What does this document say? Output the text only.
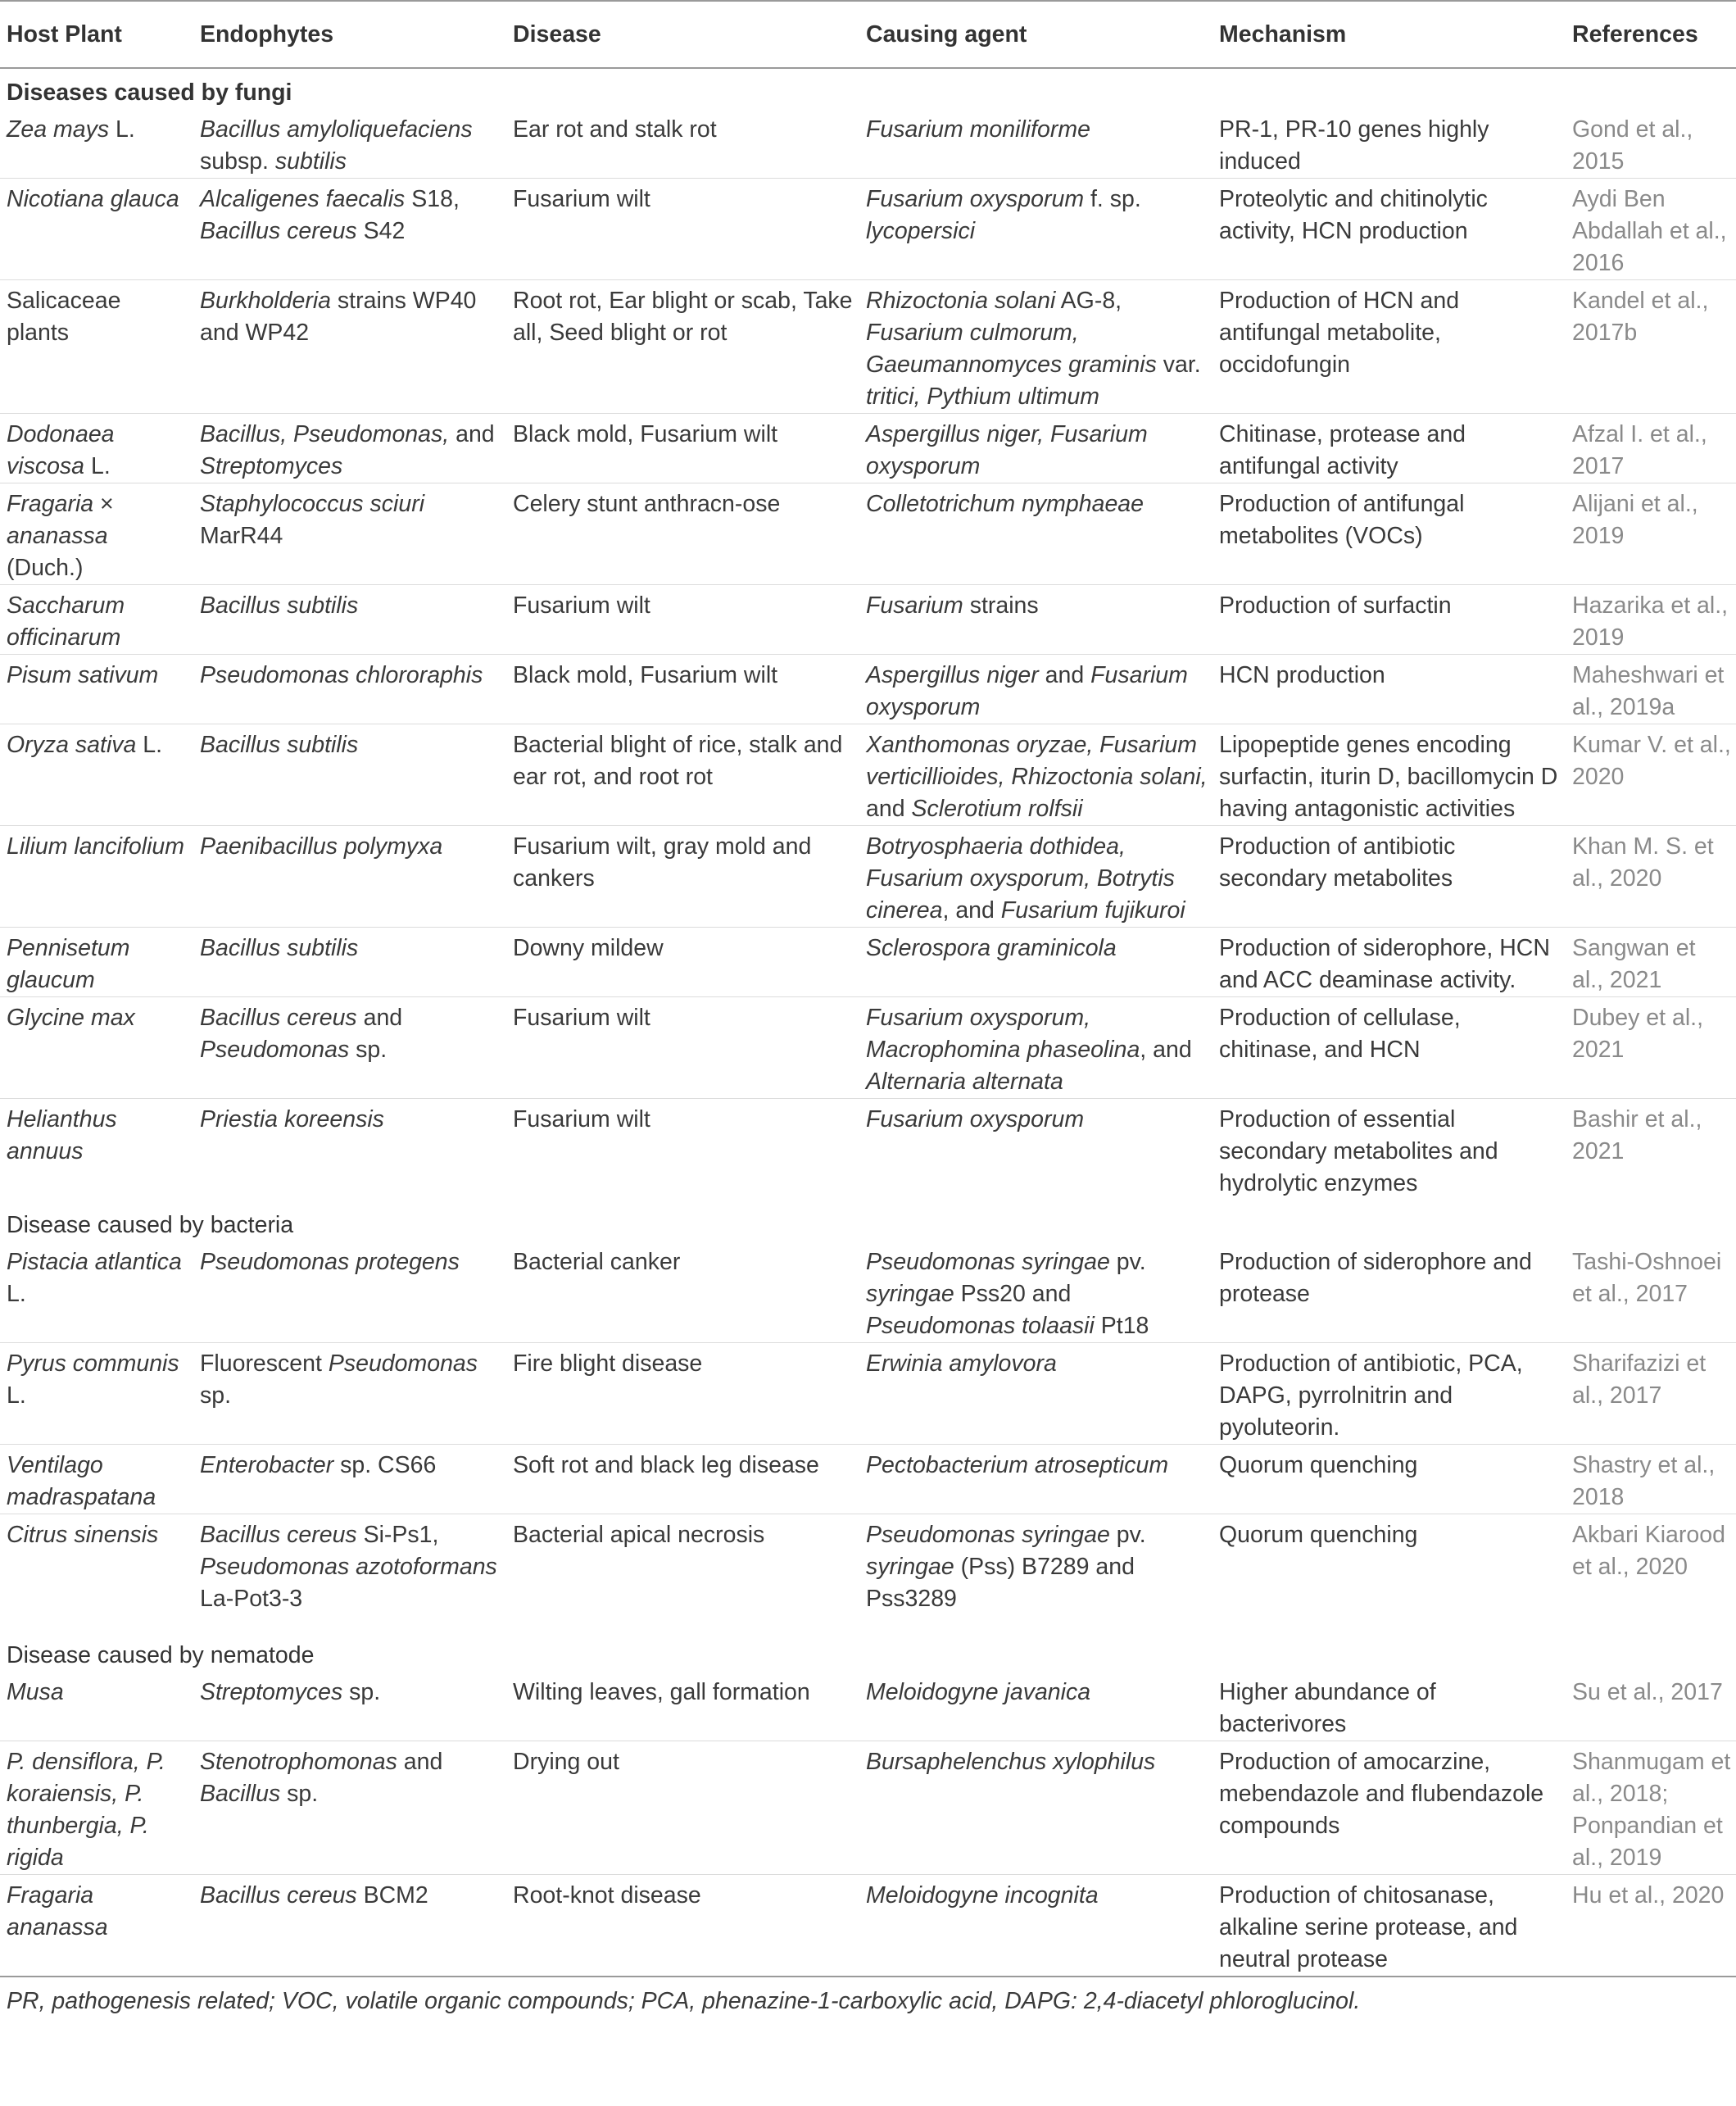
Host Plant	Endophytes	Disease	Causing agent	Mechanism	References
Diseases caused by fungi					
Zea mays L.	Bacillus amyloliquefaciens subsp. subtilis	Ear rot and stalk rot	Fusarium moniliforme	PR-1, PR-10 genes highly induced	Gond et al., 2015
Nicotiana glauca	Alcaligenes faecalis S18, Bacillus cereus S42	Fusarium wilt	Fusarium oxysporum f. sp. lycopersici	Proteolytic and chitinolytic activity, HCN production	Aydi Ben Abdallah et al., 2016
Salicaceae plants	Burkholderia strains WP40 and WP42	Root rot, Ear blight or scab, Take all, Seed blight or rot	Rhizoctonia solani AG-8, Fusarium culmorum, Gaeumannomyces graminis var. tritici, Pythium ultimum	Production of HCN and antifungal metabolite, occidofungin	Kandel et al., 2017b
Dodonaea viscosa L.	Bacillus, Pseudomonas, and Streptomyces	Black mold, Fusarium wilt	Aspergillus niger, Fusarium oxysporum	Chitinase, protease and antifungal activity	Afzal I. et al., 2017
Fragaria × ananassa (Duch.)	Staphylococcus sciuri MarR44	Celery stunt anthracn-ose	Colletotrichum nymphaeae	Production of antifungal metabolites (VOCs)	Alijani et al., 2019
Saccharum officinarum	Bacillus subtilis	Fusarium wilt	Fusarium strains	Production of surfactin	Hazarika et al., 2019
Pisum sativum	Pseudomonas chlororaphis	Black mold, Fusarium wilt	Aspergillus niger and Fusarium oxysporum	HCN production	Maheshwari et al., 2019a
Oryza sativa L.	Bacillus subtilis	Bacterial blight of rice, stalk and ear rot, and root rot	Xanthomonas oryzae, Fusarium verticillioides, Rhizoctonia solani, and Sclerotium rolfsii	Lipopeptide genes encoding surfactin, iturin D, bacillomycin D having antagonistic activities	Kumar V. et al., 2020
Lilium lancifolium	Paenibacillus polymyxa	Fusarium wilt, gray mold and cankers	Botryosphaeria dothidea, Fusarium oxysporum, Botrytis cinerea, and Fusarium fujikuroi	Production of antibiotic secondary metabolites	Khan M. S. et al., 2020
Pennisetum glaucum	Bacillus subtilis	Downy mildew	Sclerospora graminicola	Production of siderophore, HCN and ACC deaminase activity.	Sangwan et al., 2021
Glycine max	Bacillus cereus and Pseudomonas sp.	Fusarium wilt	Fusarium oxysporum, Macrophomina phaseolina, and Alternaria alternata	Production of cellulase, chitinase, and HCN	Dubey et al., 2021
Helianthus annuus	Priestia koreensis	Fusarium wilt	Fusarium oxysporum	Production of essential secondary metabolites and hydrolytic enzymes	Bashir et al., 2021
Disease caused by bacteria					
Pistacia atlantica L.	Pseudomonas protegens	Bacterial canker	Pseudomonas syringae pv. syringae Pss20 and Pseudomonas tolaasii Pt18	Production of siderophore and protease	Tashi-Oshnoei et al., 2017
Pyrus communis L.	Fluorescent Pseudomonas sp.	Fire blight disease	Erwinia amylovora	Production of antibiotic, PCA, DAPG, pyrrolnitrin and pyoluteorin.	Sharifazizi et al., 2017
Ventilago madraspatana	Enterobacter sp. CS66	Soft rot and black leg disease	Pectobacterium atrosepticum	Quorum quenching	Shastry et al., 2018
Citrus sinensis	Bacillus cereus Si-Ps1, Pseudomonas azotoformans La-Pot3-3	Bacterial apical necrosis	Pseudomonas syringae pv. syringae (Pss) B7289 and Pss3289	Quorum quenching	Akbari Kiarood et al., 2020
Disease caused by nematode					
Musa	Streptomyces sp.	Wilting leaves, gall formation	Meloidogyne javanica	Higher abundance of bacterivores	Su et al., 2017
P. densiflora, P. koraiensis, P. thunbergia, P. rigida	Stenotrophomonas and Bacillus sp.	Drying out	Bursaphelenchus xylophilus	Production of amocarzine, mebendazole and flubendazole compounds	Shanmugam et al., 2018; Ponpandian et al., 2019
Fragaria ananassa	Bacillus cereus BCM2	Root-knot disease	Meloidogyne incognita	Production of chitosanase, alkaline serine protease, and neutral protease	Hu et al., 2020
PR, pathogenesis related; VOC, volatile organic compounds; PCA, phenazine-1-carboxylic acid, DAPG: 2,4-diacetyl phloroglucinol.					
